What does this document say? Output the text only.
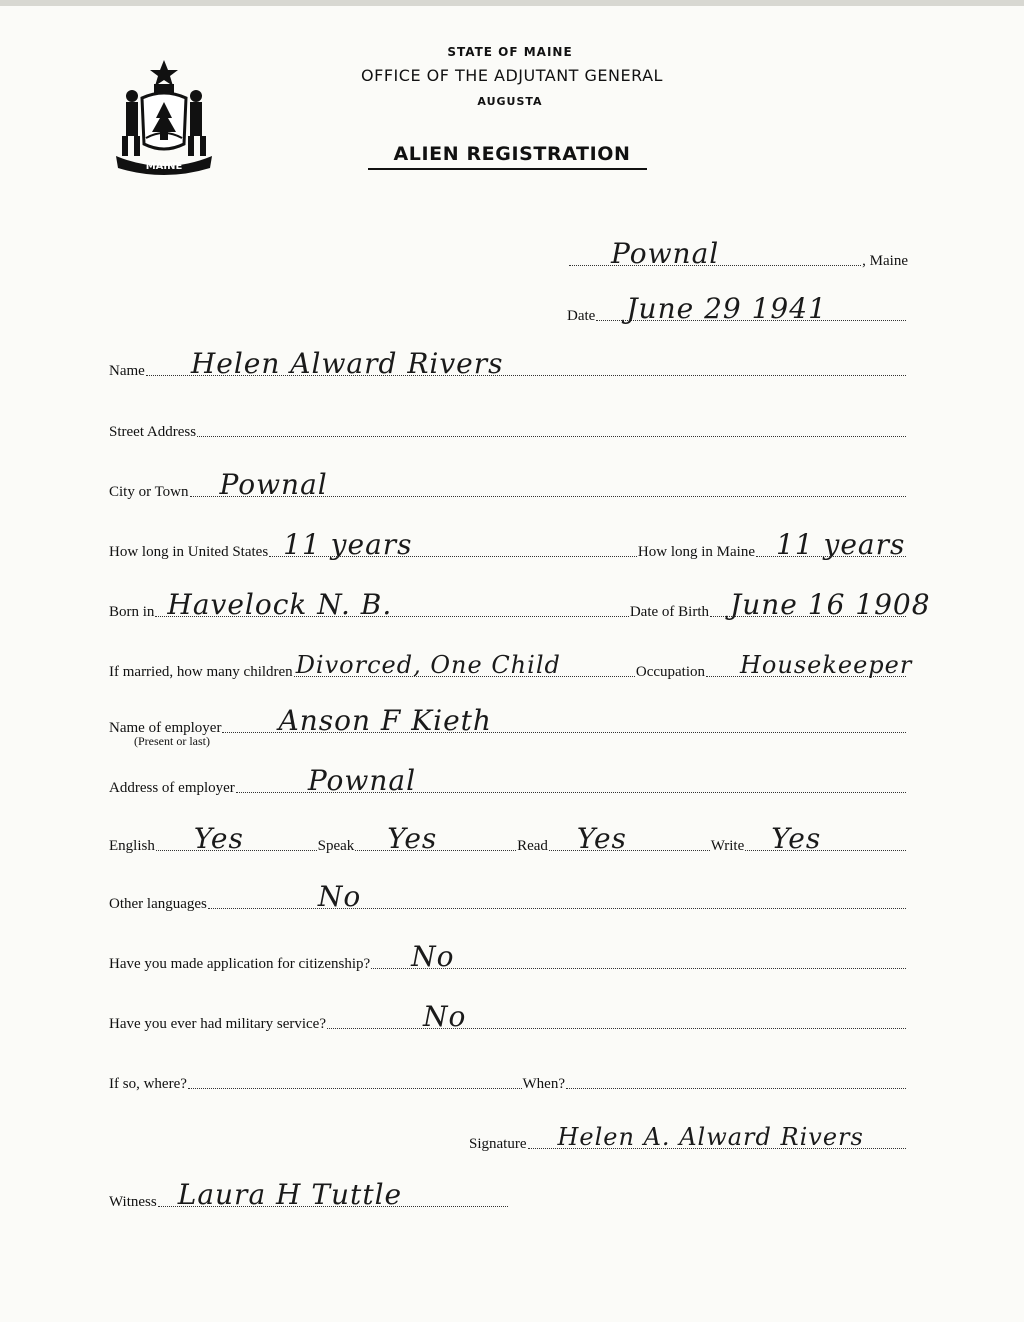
MAINE
STATE OF MAINE
OFFICE OF THE ADJUTANT GENERAL
AUGUSTA
ALIEN REGISTRATION
Pownal	, Maine
Date June 29 1941
Name Helen Alward Rivers
Street Address
City or Town Pownal
How long in United States 11 years	How long in Maine 11 years
Born in Havelock N. B.	Date of Birth June 16 1908
If married, how many children Divorced, One Child	Occupation Housekeeper
Name of employer Anson F Kieth
(Present or last)
Address of employer	Pownal
English Yes	Speak Yes	Read Yes	Write Yes
Other languages	No
Have you made application for citizenship? No
Have you ever had military service?	No
If so, where?	When?
Signature Helen A. Alward Rivers
Witness Laura H Tuttle
